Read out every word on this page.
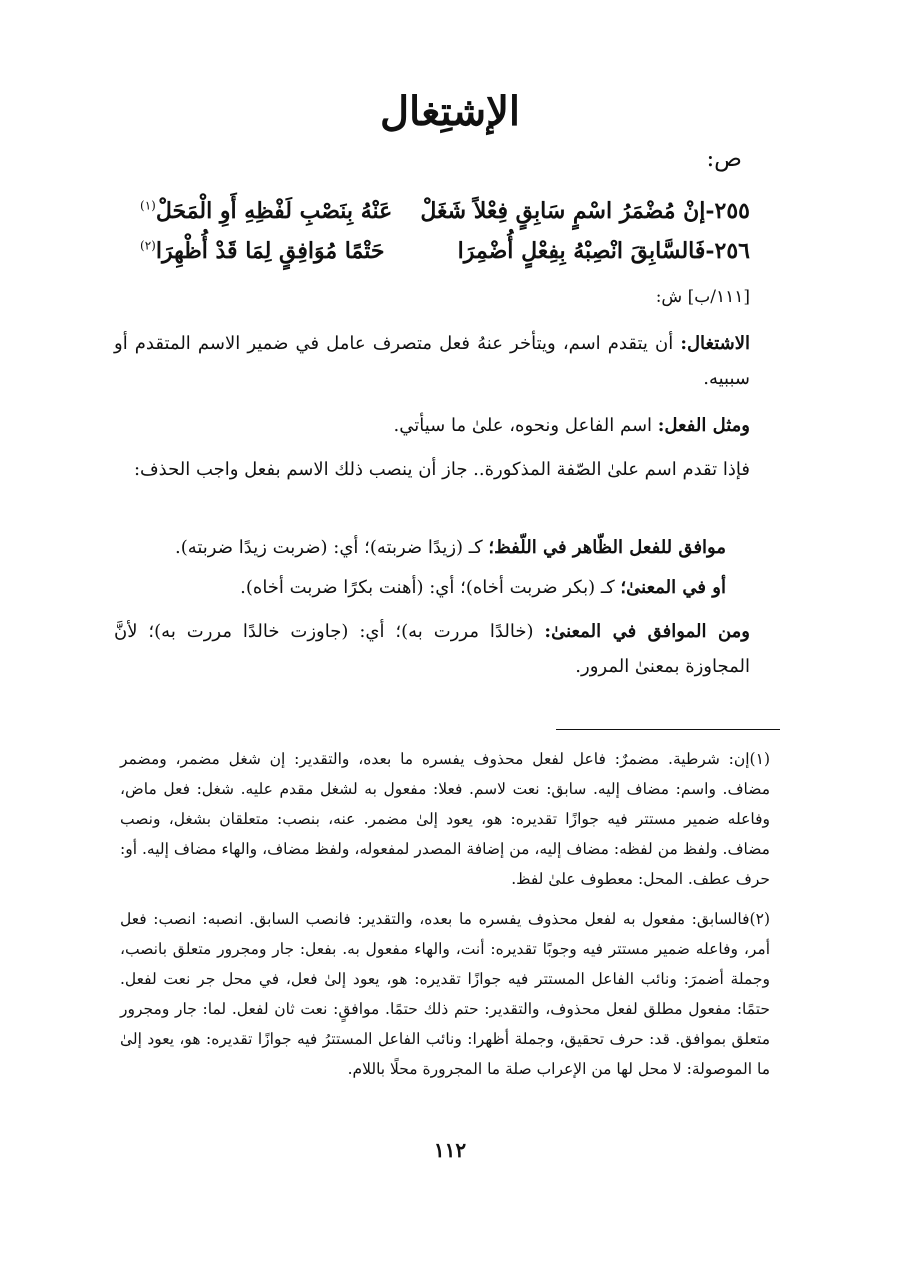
الإشتِغال
ص:
٢٥٥-إنْ مُضْمَرُ اسْمٍ سَابِقٍ فِعْلاً شَغَلْ
عَنْهُ بِنَصْبِ لَفْظِهِ أَوِ الْمَحَلْ$^{(١)}$
٢٥٦-فَالسَّابِقَ انْصِبْهُ بِفِعْلٍ أُضْمِرَا
حَتْمًا مُوَافِقٍ لِمَا قَدْ أُظْهِرَا$^{(٢)}$
[١١١/ب] ش:
الاشتغال: أن يتقدم اسم، ويتأخر عنهُ فعل متصرف عامل في ضمير الاسم المتقدم أو سببيه.
ومثل الفعل: اسم الفاعل ونحوه، علىٰ ما سيأتي.
فإذا تقدم اسم علىٰ الصّفة المذكورة.. جاز أن ينصب ذلك الاسم بفعل واجب الحذف:
موافق للفعل الظّاهر في اللّفظ؛ كـ (زيدًا ضربته)؛ أي: (ضربت زيدًا ضربته).
أو في المعنىٰ؛ كـ (بكر ضربت أخاه)؛ أي: (أهنت بكرًا ضربت أخاه).
ومن الموافق في المعنىٰ: (خالدًا مررت به)؛ أي: (جاوزت خالدًا مررت به)؛ لأنَّ المجاوزة بمعنىٰ المرور.
(١)إن: شرطية. مضمرٌ: فاعل لفعل محذوف يفسره ما بعده، والتقدير: إن شغل مضمر، ومضمر مضاف. واسم: مضاف إليه. سابق: نعت لاسم. فعلا: مفعول به لشغل مقدم عليه. شغل: فعل ماض، وفاعله ضمير مستتر فيه جوازًا تقديره: هو، يعود إلىٰ مضمر. عنه، بنصب: متعلقان بشغل، ونصب مضاف. ولفظ من لفظه: مضاف إليه، من إضافة المصدر لمفعوله، ولفظ مضاف، والهاء مضاف إليه. أو: حرف عطف. المحل: معطوف علىٰ لفظ.
(٢)فالسابق: مفعول به لفعل محذوف يفسره ما بعده، والتقدير: فانصب السابق. انصبه: انصب: فعل أمر، وفاعله ضمير مستتر فيه وجوبًا تقديره: أنت، والهاء مفعول به. بفعل: جار ومجرور متعلق بانصب، وجملة أضمرَ: ونائب الفاعل المستتر فيه جوازًا تقديره: هو، يعود إلىٰ فعل، في محل جر نعت لفعل. حتمًا: مفعول مطلق لفعل محذوف، والتقدير: حتم ذلك حتمًا. موافقٍ: نعت ثان لفعل. لما: جار ومجرور متعلق بموافق. قد: حرف تحقيق، وجملة أظهرا: ونائب الفاعل المستترُ فيه جوازًا تقديره: هو، يعود إلىٰ ما الموصولة: لا محل لها من الإعراب صلة ما المجرورة محلًا باللام.
١١٢
